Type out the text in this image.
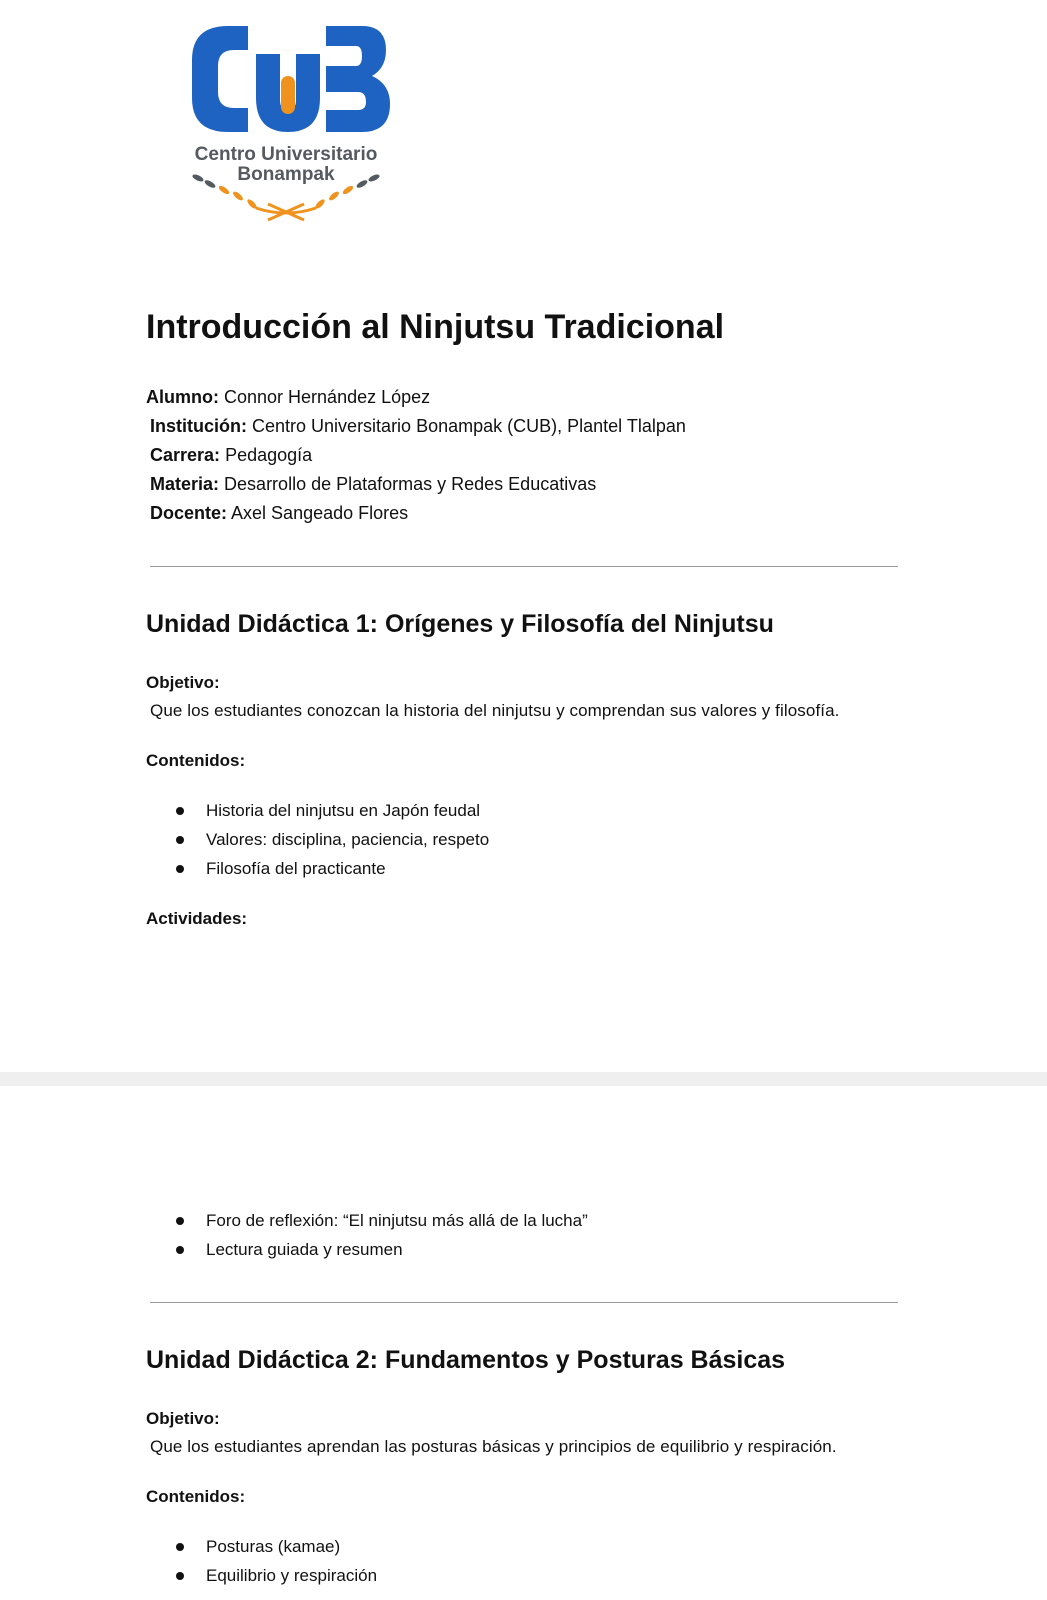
Centro Universitario
Bonampak
Introducción al Ninjutsu Tradicional
Alumno: Connor Hernández López
Institución: Centro Universitario Bonampak (CUB), Plantel Tlalpan
Carrera: Pedagogía
Materia: Desarrollo de Plataformas y Redes Educativas
Docente: Axel Sangeado Flores
Unidad Didáctica 1: Orígenes y Filosofía del Ninjutsu
Objetivo:
Que los estudiantes conozcan la historia del ninjutsu y comprendan sus valores y filosofía.
Contenidos:
Historia del ninjutsu en Japón feudal
Valores: disciplina, paciencia, respeto
Filosofía del practicante
Actividades:
Foro de reflexión: “El ninjutsu más allá de la lucha”
Lectura guiada y resumen
Unidad Didáctica 2: Fundamentos y Posturas Básicas
Objetivo:
Que los estudiantes aprendan las posturas básicas y principios de equilibrio y respiración.
Contenidos:
Posturas (kamae)
Equilibrio y respiración
